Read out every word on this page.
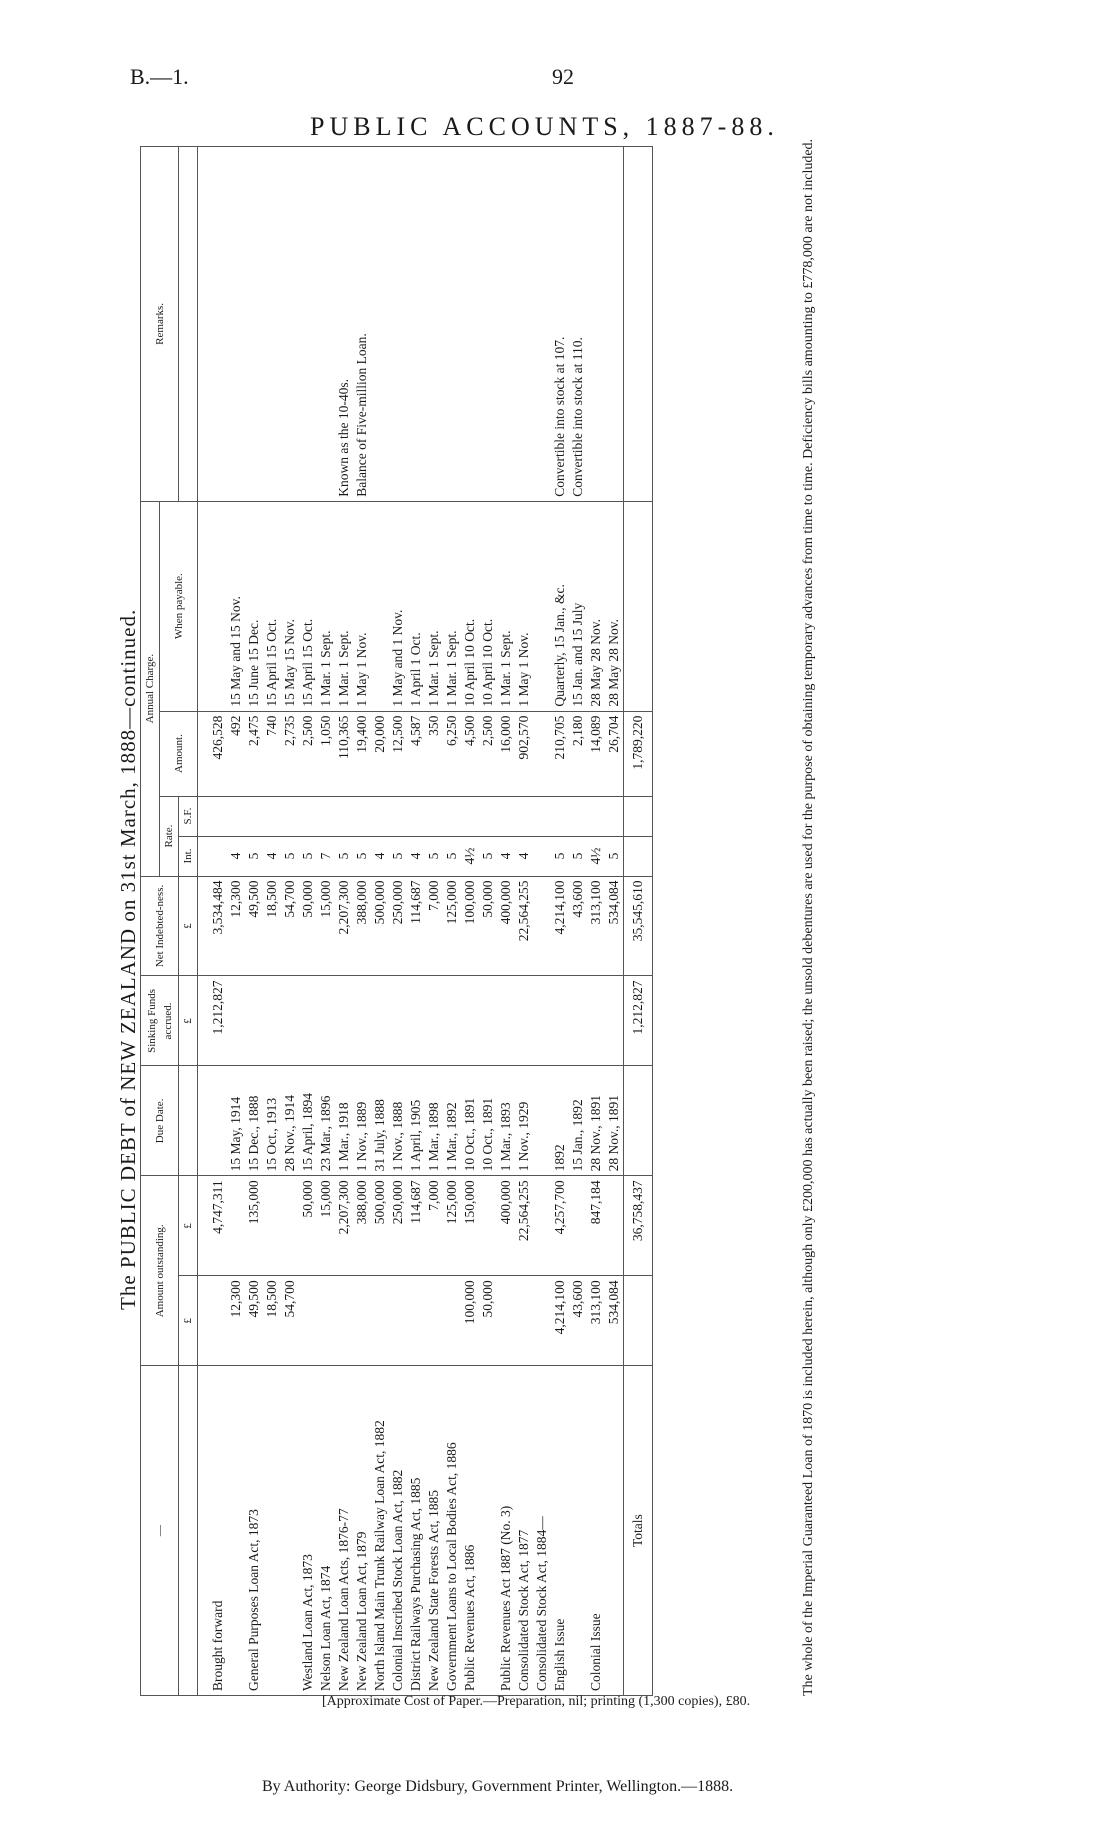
B.—1.	92
PUBLIC ACCOUNTS, 1887-88.
The PUBLIC DEBT of NEW ZEALAND on 31st March, 1888—continued.
—	Amount outstanding.		Due Date.	Sinking Funds accrued.	Net Indebted-ness.	Annual Charge.				Remarks.
						Rate.		Amount.	When payable.	
	£	£		£	£	Int.	S.F.			
Brought forward		4,747,311		1,212,827	3,534,484			426,528		
	12,300		15 May, 1914		12,300	4		492	15 May and 15 Nov.	
General Purposes Loan Act, 1873	49,500	135,000	15 Dec., 1888		49,500	5		2,475	15 June 15 Dec.	
	18,500		15 Oct., 1913		18,500	4		740	15 April 15 Oct.	
	54,700		28 Nov., 1914		54,700	5		2,735	15 May 15 Nov.	
Westland Loan Act, 1873		50,000	15 April, 1894		50,000	5		2,500	15 April 15 Oct.	
Nelson Loan Act, 1874		15,000	23 Mar., 1896		15,000	7		1,050	1 Mar. 1 Sept.	
New Zealand Loan Acts, 1876-77		2,207,300	1 Mar., 1918		2,207,300	5		110,365	1 Mar. 1 Sept.	Known as the 10-40s.
New Zealand Loan Act, 1879		388,000	1 Nov., 1889		388,000	5		19,400	1 May 1 Nov.	Balance of Five-million Loan.
North Island Main Trunk Railway Loan Act, 1882		500,000	31 July, 1888		500,000	4		20,000		
Colonial Inscribed Stock Loan Act, 1882		250,000	1 Nov., 1888		250,000	5		12,500	1 May and 1 Nov.	
District Railways Purchasing Act, 1885		114,687	1 April, 1905		114,687	4		4,587	1 April 1 Oct.	
New Zealand State Forests Act, 1885		7,000	1 Mar., 1898		7,000	5		350	1 Mar. 1 Sept.	
Government Loans to Local Bodies Act, 1886		125,000	1 Mar., 1892		125,000	5		6,250	1 Mar. 1 Sept.	
Public Revenues Act, 1886	100,000	150,000	10 Oct., 1891		100,000	4½		4,500	10 April 10 Oct.	
	50,000		10 Oct., 1891		50,000	5		2,500	10 April 10 Oct.	
Public Revenues Act 1887 (No. 3)		400,000	1 Mar., 1893		400,000	4		16,000	1 Mar. 1 Sept.	
Consolidated Stock Act, 1877		22,564,255	1 Nov., 1929		22,564,255	4		902,570	1 May 1 Nov.	
Consolidated Stock Act, 1884—										
English Issue	4,214,100	4,257,700	1892		4,214,100	5		210,705	Quarterly, 15 Jan., &c.	Convertible into stock at 107.
	43,600		15 Jan., 1892		43,600	5		2,180	15 Jan. and 15 July	Convertible into stock at 110.
Colonial Issue	313,100	847,184	28 Nov., 1891		313,100	4½		14,089	28 May 28 Nov.	
	534,084		28 Nov., 1891		534,084	5		26,704	28 May 28 Nov.	
Totals		36,758,437		1,212,827	35,545,610			1,789,220			The whole of the Imperial Guaranteed Loan of 1870 is included herein, although only £200,000 has actually been raised; the unsold debentures are used for the purpose of obtaining temporary advances from time to time. Deficiency bills amounting to £778,000 are not included.
[Approximate Cost of Paper.—Preparation, nil; printing (1,300 copies), £80.
By Authority: George Didsbury, Government Printer, Wellington.—1888.
